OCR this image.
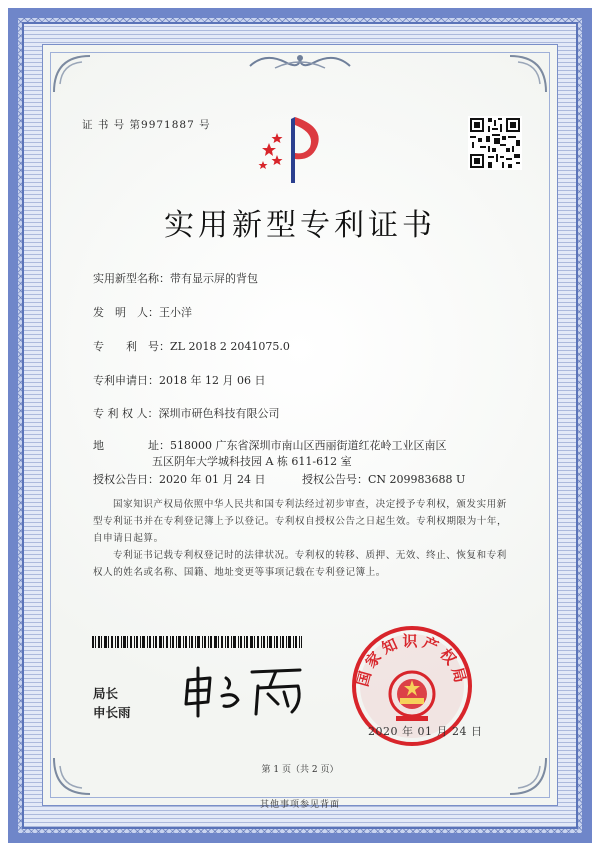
证 书 号 第9971887 号
实用新型专利证书
实用新型名称：带有显示屏的背包
发　明　人：王小洋
专　　利　号：ZL 2018 2 2041075.0
专利申请日：2018 年 12 月 06 日
专 利 权 人：深圳市研色科技有限公司
地　　　　址：518000 广东省深圳市南山区西丽街道红花岭工业区南区
五区阴年大学城科技园 A 栋 611-612 室
授权公告日：2020 年 01 月 24 日	授权公告号：CN 209983688 U
国家知识产权局依照中华人民共和国专利法经过初步审查，决定授予专利权，颁发实用新型专利证书并在专利登记簿上予以登记。专利权自授权公告之日起生效。专利权期限为十年，自申请日起算。
专利证书记载专利权登记时的法律状况。专利权的转移、质押、无效、终止、恢复和专利权人的姓名或名称、国籍、地址变更等事项记载在专利登记簿上。
局长
申长雨
国家知识产权局
2020 年 01 月 24 日
第 1 页（共 2 页）
其他事项参见背面
